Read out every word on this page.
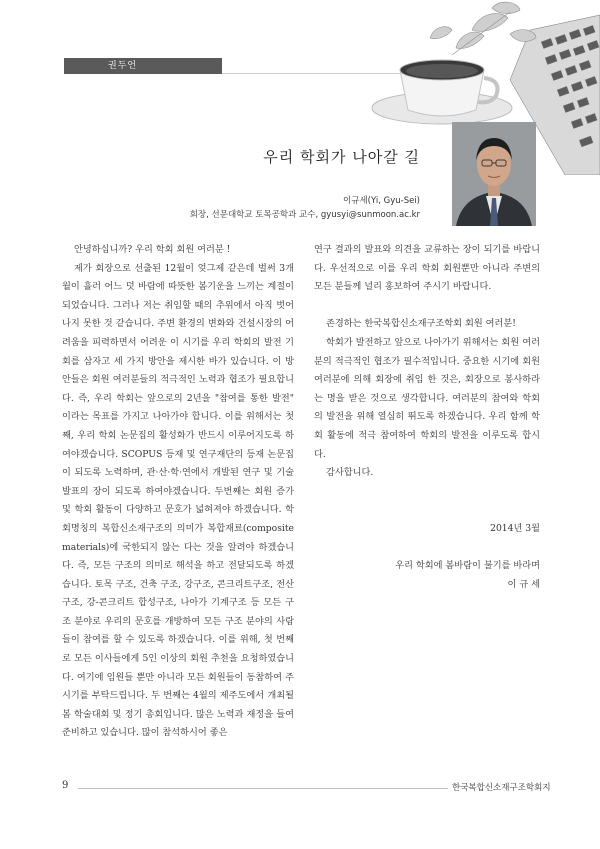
권두언
우리 학회가 나아갈 길
이규세(Yi, Gyu-Sei)
회장, 선문대학교 토목공학과 교수, gyusyi@sunmoon.ac.kr

안녕하십니까? 우리 학회 회원 여러분 !

제가 회장으로 선출된 12월이 엊그제 같은데 벌써 3개월이 흘러 어느 덧 바람에 따뜻한 봄기운을 느끼는 계절이 되었습니다. 그러나 저는 취임할 때의 추위에서 아직 벗어나지 못한 것 같습니다. 주변 환경의 변화와 건설시장의 어려움을 피력하면서 어려운 이 시기를 우리 학회의 발전 기회를 삼자고 세 가지 방안을 제시한 바가 있습니다. 이 방안들은 회원 여러분들의 적극적인 노력과 협조가 필요합니다. 즉, 우리 학회는 앞으로의 2년을 "참여를 통한 발전" 이라는 목표를 가지고 나아가야 합니다. 이를 위해서는 첫째, 우리 학회 논문집의 활성화가 반드시 이루어지도록 하여야겠습니다. SCOPUS 등재 및 연구재단의 등재 논문집이 되도록 노력하며, 관·산·학·연에서 개발된 연구 및 기술 발표의 장이 되도록 하여야겠습니다. 두번째는 회원 증가 및 학회 활동이 다양하고 문호가 넓혀져야 하겠습니다. 학회명칭의 복합신소재구조의 의미가 복합재료(composite materials)에 국한되지 않는 다는 것을 알려야 하겠습니다. 즉, 모든 구조의 의미로 해석을 하고 전달되도록 하겠습니다. 토목 구조, 건축 구조, 강구조, 콘크리트구조, 전산구조, 강-콘크리트 합성구조, 나아가 기계구조 등 모든 구조 분야로 우리의 문호를 개방하여 모든 구조 분야의 사람들이 참여를 할 수 있도록 하겠습니다. 이를 위해, 첫 번째로 모든 이사들에게 5인 이상의 회원 추천을 요청하였습니다. 여기에 임원들 뿐만 아니라 모든 회원들이 동참하여 주시기를 부탁드립니다. 두 번째는 4월의 제주도에서 개최될 봄 학술대회 및 정기 총회입니다. 많은 노력과 재정을 들여 준비하고 있습니다. 많이 참석하시어 좋은

연구 결과의 발표와 의견을 교류하는 장이 되기를 바랍니다. 우선적으로 이를 우리 학회 회원뿐만 아니라 주변의 모든 분들께 널리 홍보하여 주시기 바랍니다.

존경하는 한국복합신소재구조학회 회원 여러분!

학회가 발전하고 앞으로 나아가기 위해서는 회원 여러분의 적극적인 협조가 필수적입니다. 중요한 시기에 회원 여러분에 의해 회장에 취임 한 것은, 회장으로 봉사하라는 명을 받은 것으로 생각합니다. 여러분의 참여와 학회의 발전을 위해 열심히 뛰도록 하겠습니다. 우리 함께 학회 활동에 적극 참여하여 학회의 발전을 이루도록 합시다.

감사합니다.

2014년 3월

우리 학회에 봄바람이 불기를 바라며

이 규 세

9	한국복합신소재구조학회지
